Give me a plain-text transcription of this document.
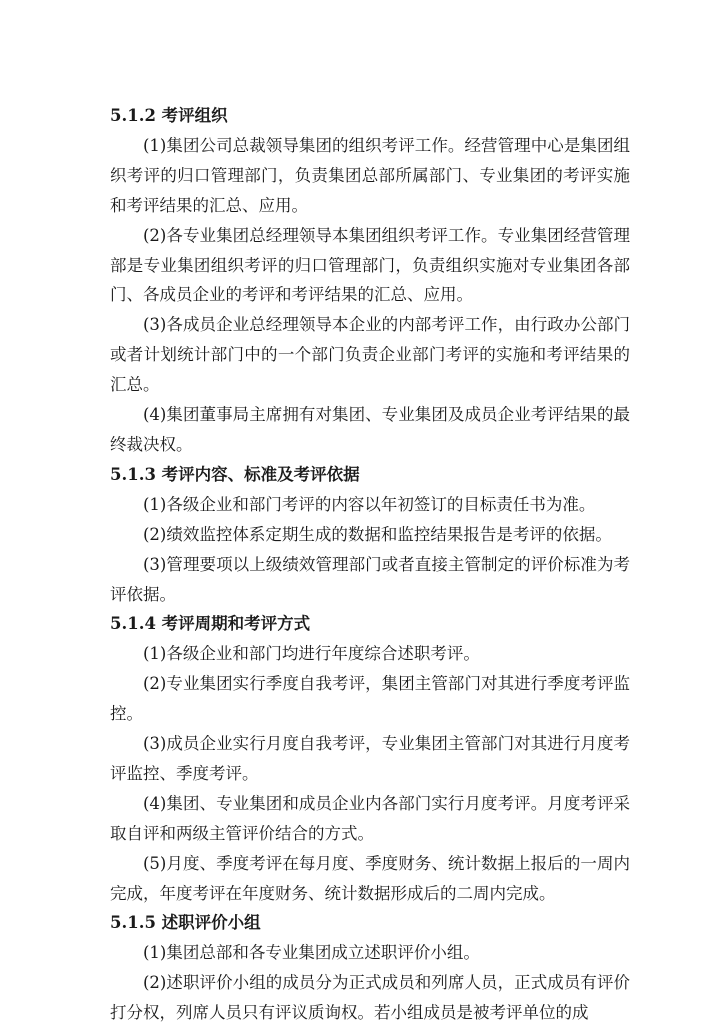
5.1.2 考评组织

(1)集团公司总裁领导集团的组织考评工作。经营管理中心是集团组织考评的归口管理部门，负责集团总部所属部门、专业集团的考评实施和考评结果的汇总、应用。

(2)各专业集团总经理领导本集团组织考评工作。专业集团经营管理部是专业集团组织考评的归口管理部门，负责组织实施对专业集团各部门、各成员企业的考评和考评结果的汇总、应用。

(3)各成员企业总经理领导本企业的内部考评工作，由行政办公部门或者计划统计部门中的一个部门负责企业部门考评的实施和考评结果的汇总。

(4)集团董事局主席拥有对集团、专业集团及成员企业考评结果的最终裁决权。

5.1.3 考评内容、标准及考评依据

(1)各级企业和部门考评的内容以年初签订的目标责任书为准。

(2)绩效监控体系定期生成的数据和监控结果报告是考评的依据。

(3)管理要项以上级绩效管理部门或者直接主管制定的评价标准为考评依据。

5.1.4 考评周期和考评方式

(1)各级企业和部门均进行年度综合述职考评。

(2)专业集团实行季度自我考评，集团主管部门对其进行季度考评监控。

(3)成员企业实行月度自我考评，专业集团主管部门对其进行月度考评监控、季度考评。

(4)集团、专业集团和成员企业内各部门实行月度考评。月度考评采取自评和两级主管评价结合的方式。

(5)月度、季度考评在每月度、季度财务、统计数据上报后的一周内完成，年度考评在年度财务、统计数据形成后的二周内完成。

5.1.5 述职评价小组

(1)集团总部和各专业集团成立述职评价小组。

(2)述职评价小组的成员分为正式成员和列席人员，正式成员有评价打分权，列席人员只有评议质询权。若小组成员是被考评单位的成
